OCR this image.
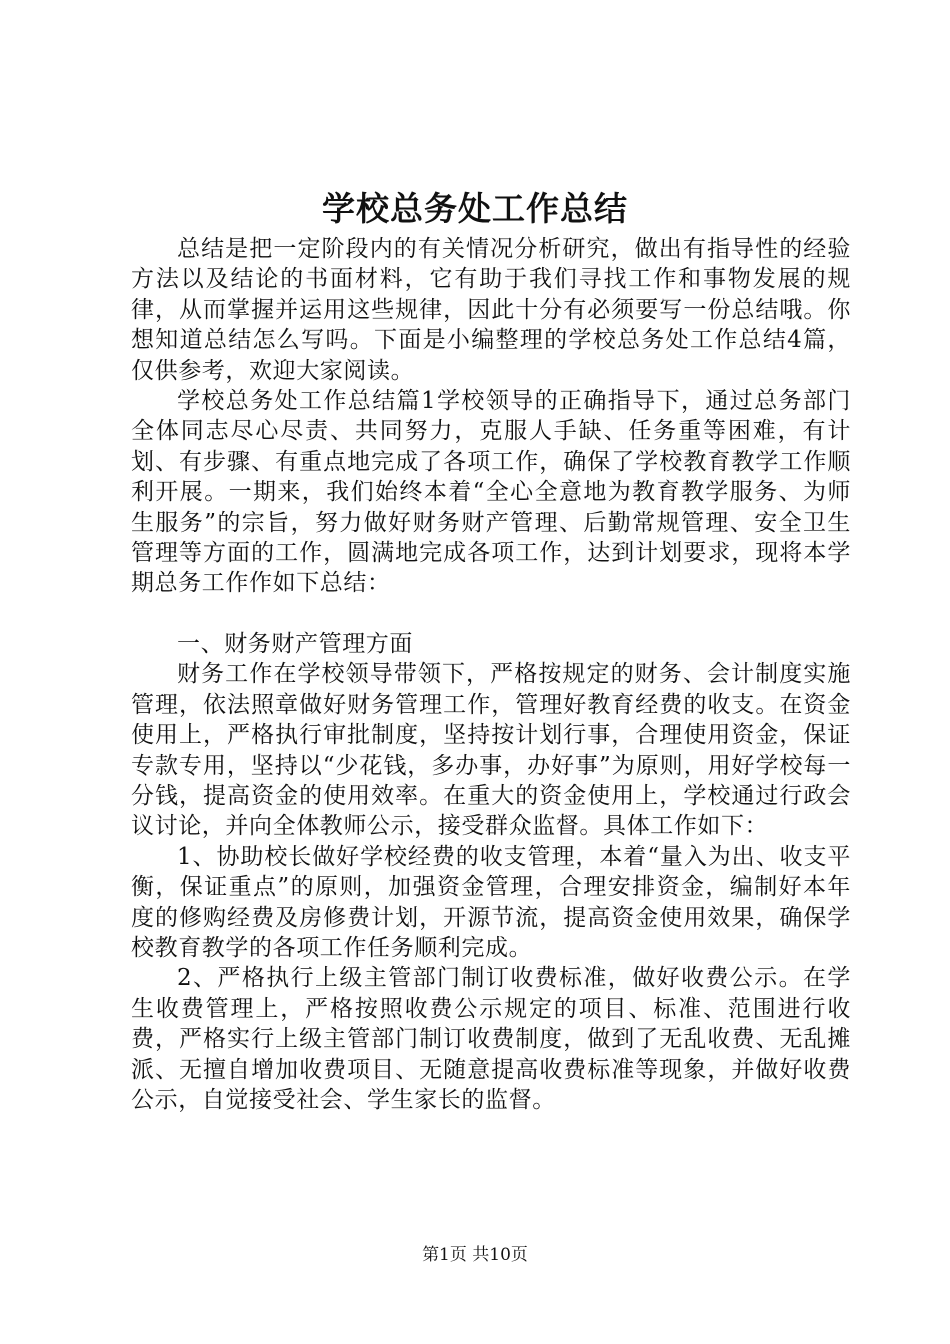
学校总务处工作总结

总结是把一定阶段内的有关情况分析研究，做出有指导性的经验方法以及结论的书面材料，它有助于我们寻找工作和事物发展的规律，从而掌握并运用这些规律，因此十分有必须要写一份总结哦。你想知道总结怎么写吗。下面是小编整理的学校总务处工作总结4篇，仅供参考，欢迎大家阅读。

学校总务处工作总结篇1学校领导的正确指导下，通过总务部门全体同志尽心尽责、共同努力，克服人手缺、任务重等困难，有计划、有步骤、有重点地完成了各项工作，确保了学校教育教学工作顺利开展。一期来，我们始终本着“全心全意地为教育教学服务、为师生服务”的宗旨，努力做好财务财产管理、后勤常规管理、安全卫生管理等方面的工作，圆满地完成各项工作，达到计划要求，现将本学期总务工作作如下总结：

一、财务财产管理方面

财务工作在学校领导带领下，严格按规定的财务、会计制度实施管理，依法照章做好财务管理工作，管理好教育经费的收支。在资金使用上，严格执行审批制度，坚持按计划行事，合理使用资金，保证专款专用，坚持以“少花钱，多办事，办好事”为原则，用好学校每一分钱，提高资金的使用效率。在重大的资金使用上，学校通过行政会议讨论，并向全体教师公示，接受群众监督。具体工作如下：

1、协助校长做好学校经费的收支管理，本着“量入为出、收支平衡，保证重点”的原则，加强资金管理，合理安排资金，编制好本年度的修购经费及房修费计划，开源节流，提高资金使用效果，确保学校教育教学的各项工作任务顺利完成。

2、严格执行上级主管部门制订收费标准，做好收费公示。在学生收费管理上，严格按照收费公示规定的项目、标准、范围进行收费，严格实行上级主管部门制订收费制度，做到了无乱收费、无乱摊派、无擅自增加收费项目、无随意提高收费标准等现象，并做好收费公示，自觉接受社会、学生家长的监督。

第1页 共10页
